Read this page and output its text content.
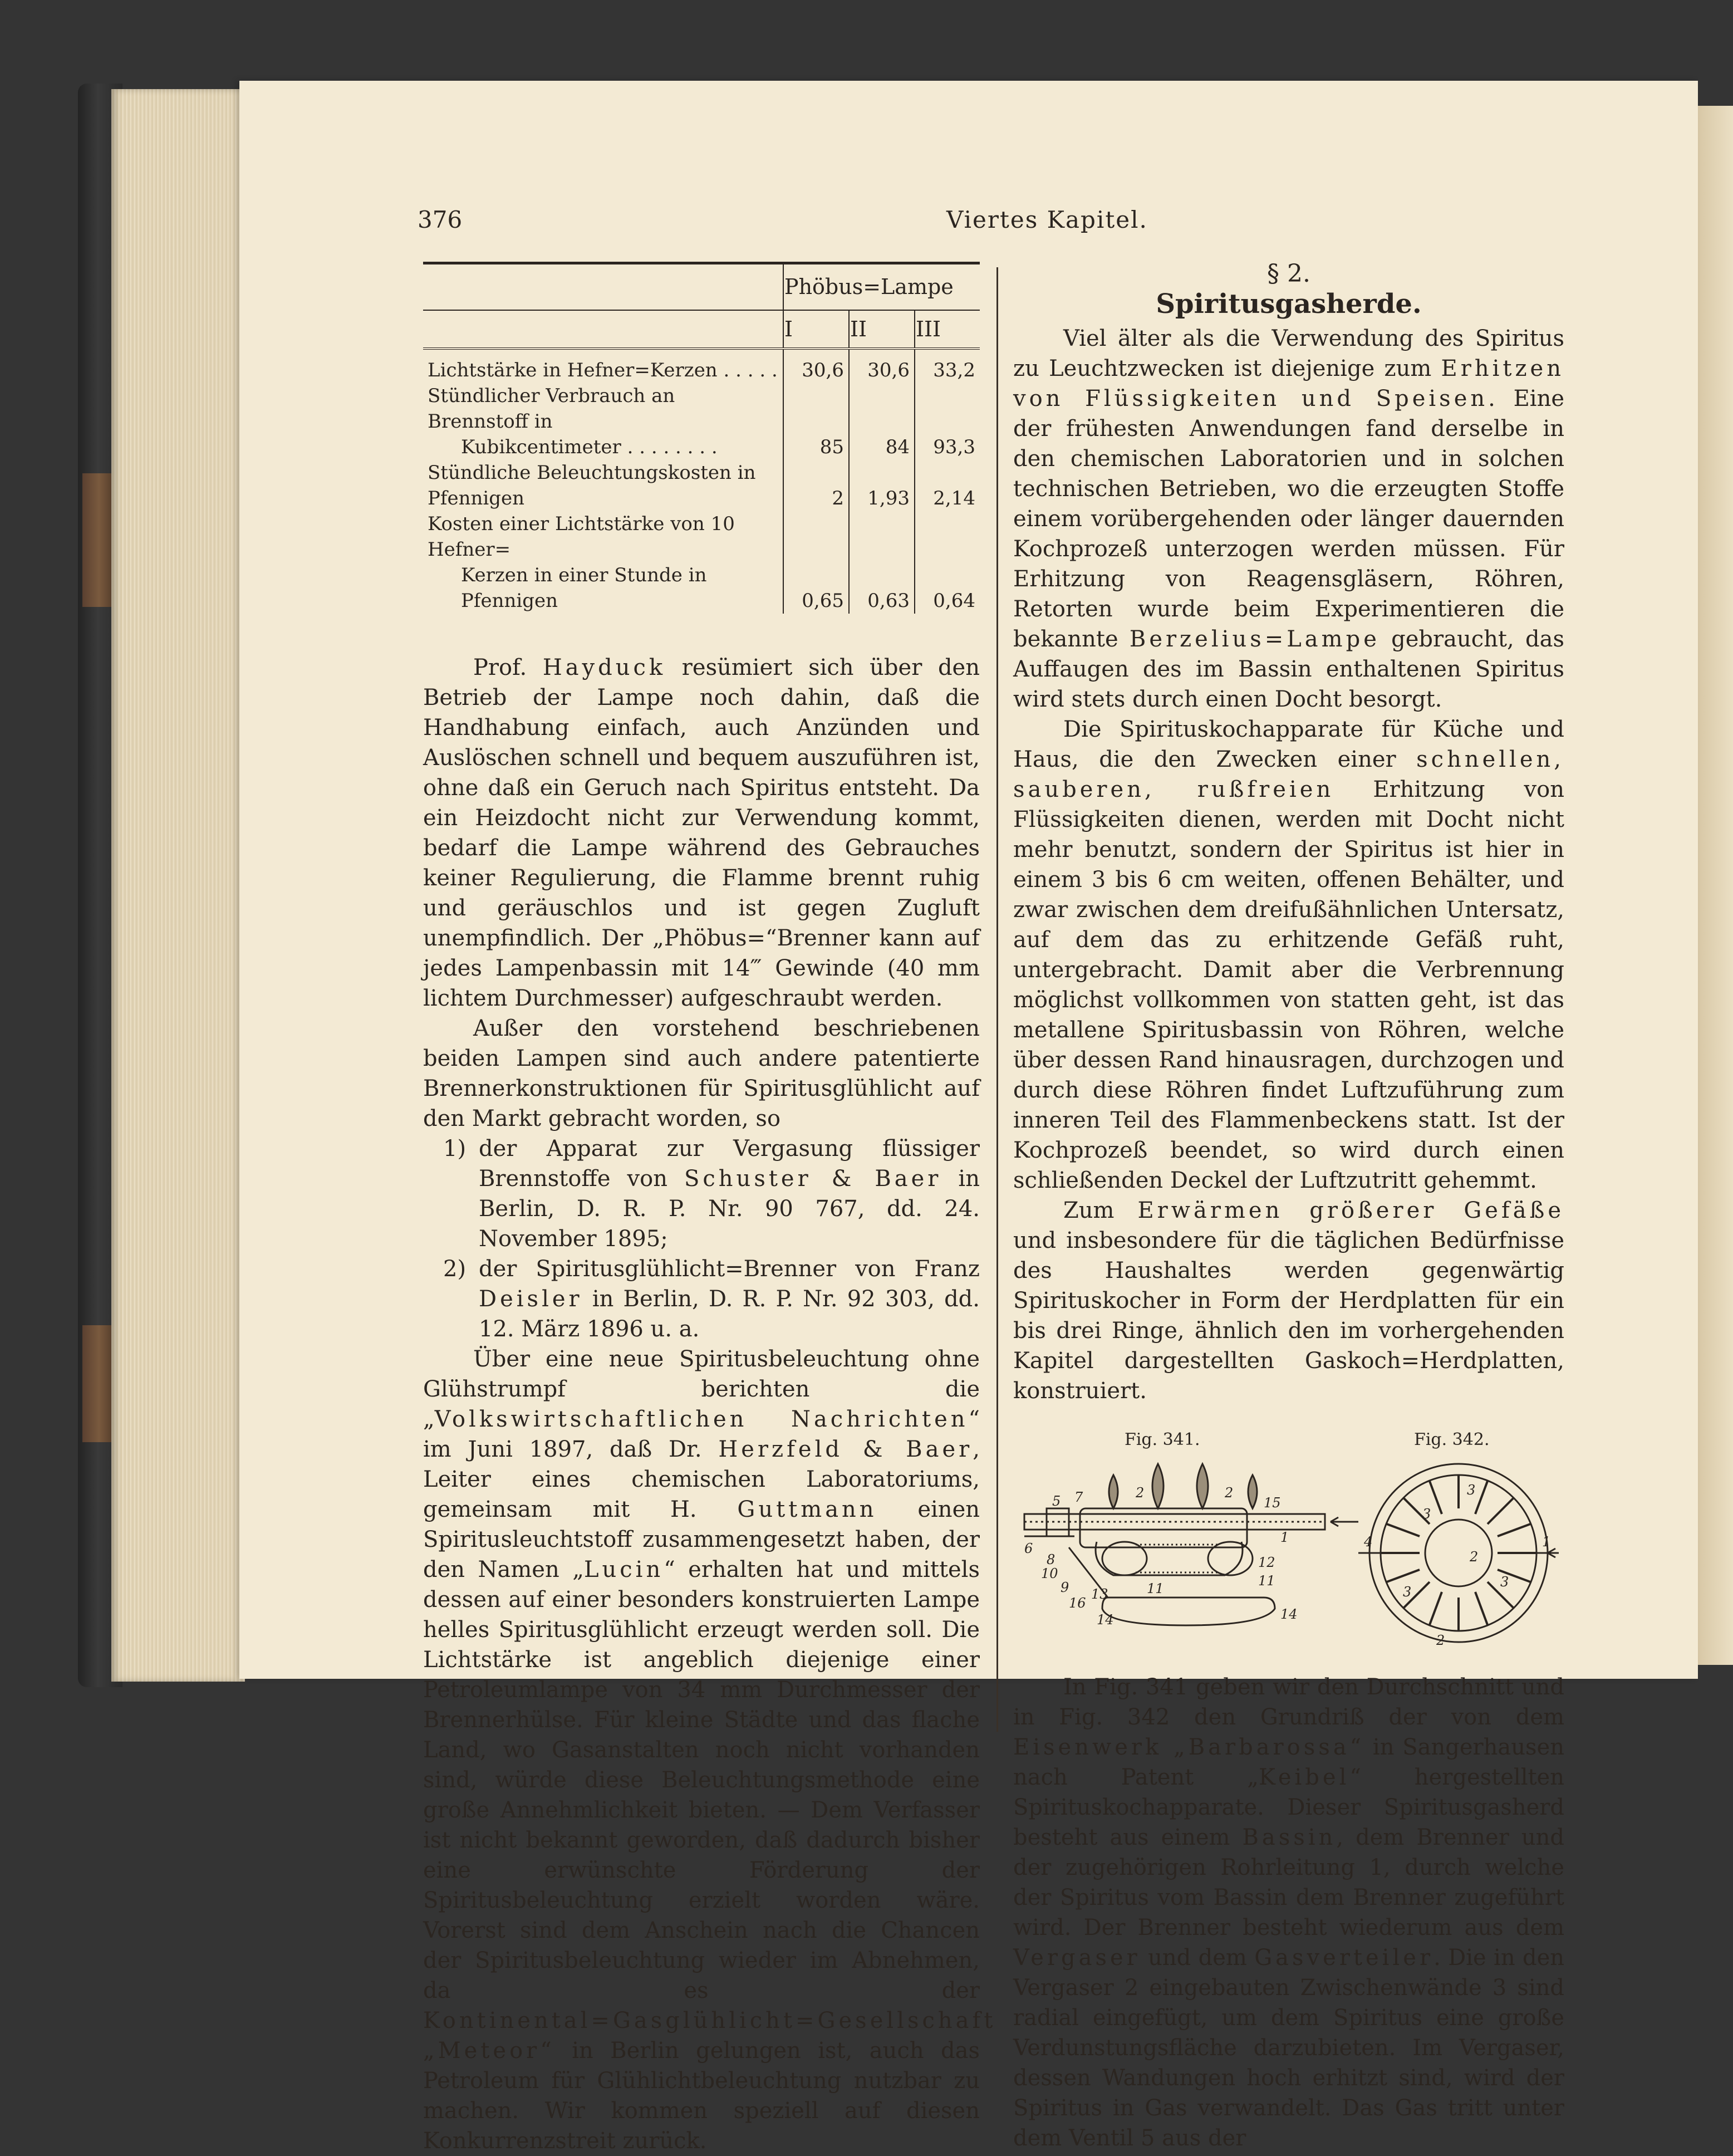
376	Viertes Kapitel.
	Phöbus=Lampe		
	I	II	III
Lichtstärke in Hefner=Kerzen . . . . .	30,6	30,6	33,2
Stündlicher Verbrauch an Brennstoff in
Kubikcentimeter . . . . . . . .	85	84	93,3
Stündliche Beleuchtungskosten in Pfennigen	2	1,93	2,14
Kosten einer Lichtstärke von 10 Hefner=
Kerzen in einer Stunde in Pfennigen	0,65	0,63	0,64

Prof. Hayduck resümiert sich über den Betrieb der Lampe noch dahin, daß die Handhabung einfach, auch Anzünden und Auslöschen schnell und bequem auszuführen ist, ohne daß ein Geruch nach Spiritus entsteht. Da ein Heizdocht nicht zur Verwendung kommt, bedarf die Lampe während des Gebrauches keiner Regulierung, die Flamme brennt ruhig und geräuschlos und ist gegen Zugluft unempfindlich. Der „Phöbus=“Brenner kann auf jedes Lampenbassin mit 14‴ Gewinde (40 mm lichtem Durchmesser) aufgeschraubt werden.

Außer den vorstehend beschriebenen beiden Lampen sind auch andere patentierte Brennerkonstruktionen für Spiritusglühlicht auf den Markt gebracht worden, so

1) der Apparat zur Vergasung flüssiger Brennstoffe von Schuster & Baer in Berlin, D. R. P. Nr. 90 767, dd. 24. November 1895;

2) der Spiritusglühlicht=Brenner von Franz Deisler in Berlin, D. R. P. Nr. 92 303, dd. 12. März 1896 u. a.

Über eine neue Spiritusbeleuchtung ohne Glühstrumpf berichten die „Volkswirtschaftlichen Nachrichten“ im Juni 1897, daß Dr. Herzfeld & Baer, Leiter eines chemischen Laboratoriums, gemeinsam mit H. Guttmann einen Spiritusleuchtstoff zusammengesetzt haben, der den Namen „Lucin“ erhalten hat und mittels dessen auf einer besonders konstruierten Lampe helles Spiritusglühlicht erzeugt werden soll. Die Lichtstärke ist angeblich diejenige einer Petroleumlampe von 34 mm Durchmesser der Brennerhülse. Für kleine Städte und das flache Land, wo Gasanstalten noch nicht vorhanden sind, würde diese Beleuchtungsmethode eine große Annehmlichkeit bieten. — Dem Verfasser ist nicht bekannt geworden, daß dadurch bisher eine erwünschte Förderung der Spiritusbeleuchtung erzielt worden wäre. Vorerst sind dem Anschein nach die Chancen der Spiritusbeleuchtung wieder im Abnehmen, da es der Kontinental=Gasglühlicht=Gesellschaft „Meteor“ in Berlin gelungen ist, auch das Petroleum für Glühlichtbeleuchtung nutzbar zu machen. Wir kommen speziell auf diesen Konkurrenzstreit zurück.

§ 2.
Spiritusgasherde.

Viel älter als die Verwendung des Spiritus zu Leuchtzwecken ist diejenige zum Erhitzen von Flüssigkeiten und Speisen. Eine der frühesten Anwendungen fand derselbe in den chemischen Laboratorien und in solchen technischen Betrieben, wo die erzeugten Stoffe einem vorübergehenden oder länger dauernden Kochprozeß unterzogen werden müssen. Für Erhitzung von Reagensgläsern, Röhren, Retorten wurde beim Experimentieren die bekannte Berzelius=Lampe gebraucht, das Auffaugen des im Bassin enthaltenen Spiritus wird stets durch einen Docht besorgt.

Die Spirituskochapparate für Küche und Haus, die den Zwecken einer schnellen, sauberen, rußfreien Erhitzung von Flüssigkeiten dienen, werden mit Docht nicht mehr benutzt, sondern der Spiritus ist hier in einem 3 bis 6 cm weiten, offenen Behälter, und zwar zwischen dem dreifußähnlichen Untersatz, auf dem das zu erhitzende Gefäß ruht, untergebracht. Damit aber die Verbrennung möglichst vollkommen von statten geht, ist das metallene Spiritusbassin von Röhren, welche über dessen Rand hinausragen, durchzogen und durch diese Röhren findet Luftzuführung zum inneren Teil des Flammenbeckens statt. Ist der Kochprozeß beendet, so wird durch einen schließenden Deckel der Luftzutritt gehemmt.

Zum Erwärmen größerer Gefäße und insbesondere für die täglichen Bedürfnisse des Haushaltes werden gegenwärtig Spirituskocher in Form der Herdplatten für ein bis drei Ringe, ähnlich den im vorhergehenden Kapitel dargestellten Gaskoch=Herdplatten, konstruiert.

Fig. 341.	Fig. 342.
5 7	2	2
15
1
6
8
10
9
16
13
14
11	11
12
14
3
3
2
3
3
4	1
2

In Fig. 341 geben wir den Durchschnitt und in Fig. 342 den Grundriß der von dem Eisenwerk „Barbarossa“ in Sangerhausen nach Patent „Keibel“ hergestellten Spirituskochapparate. Dieser Spiritusgasherd besteht aus einem Bassin, dem Brenner und der zugehörigen Rohrleitung 1, durch welche der Spiritus vom Bassin dem Brenner zugeführt wird. Der Brenner besteht wiederum aus dem Vergaser und dem Gasverteiler. Die in den Vergaser 2 eingebauten Zwischenwände 3 sind radial eingefügt, um dem Spiritus eine große Verdunstungsfläche darzubieten. Im Vergaser, dessen Wandungen hoch erhitzt sind, wird der Spiritus in Gas verwandelt. Das Gas tritt unter dem Ventil 5 aus der
